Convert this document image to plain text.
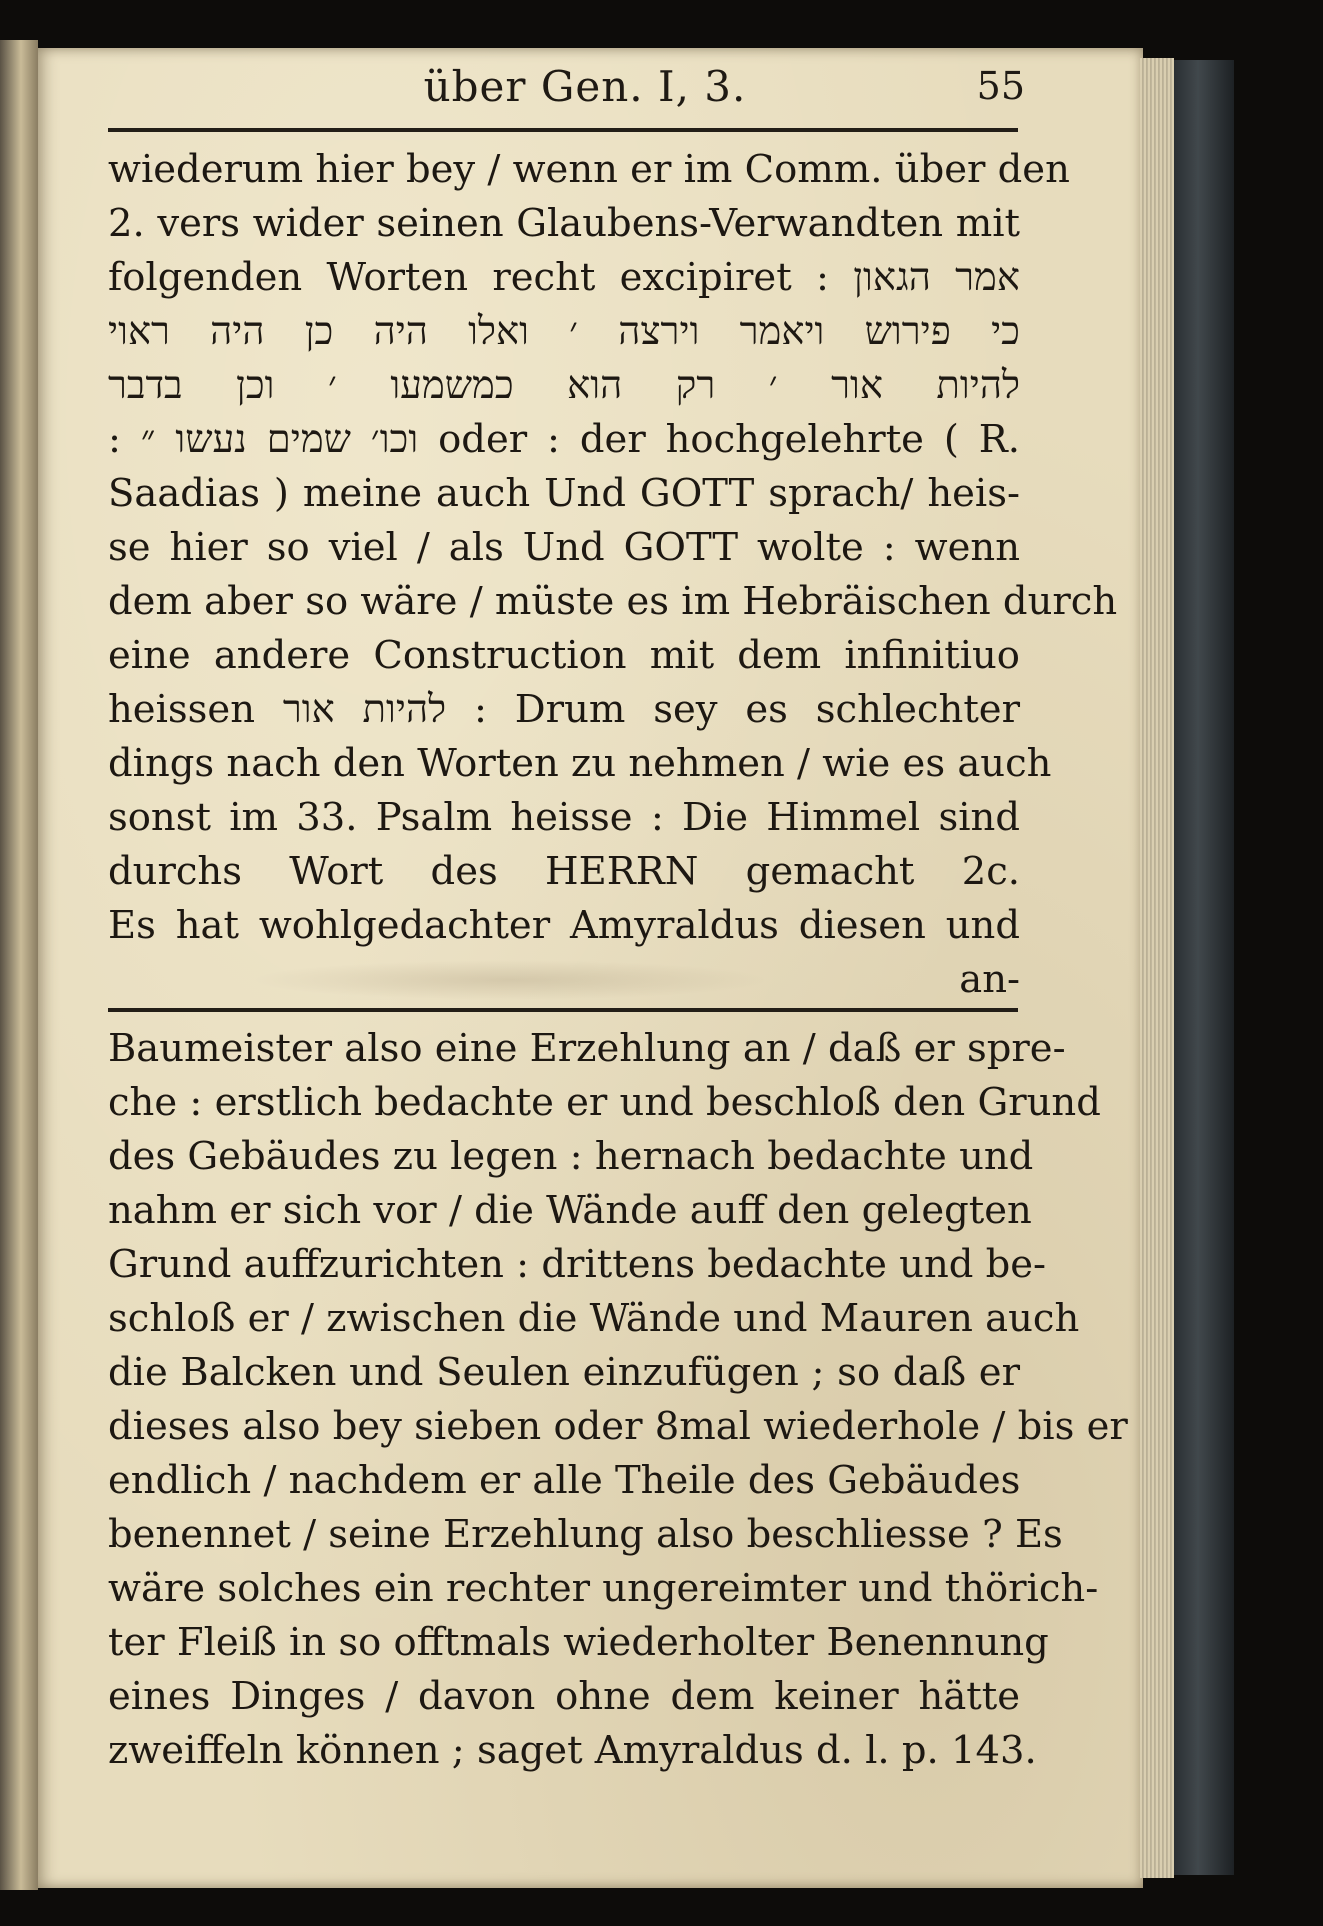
über Gen. I, 3.	55
wiederum hier bey / wenn er im Comm. über den
2. vers wider seinen Glaubens-Verwandten mit
folgenden Worten recht excipiret : אמר הגאון
כי פירוש ויאמר וירצה ׳ ואלו היה כן היה ראוי
להיות אור ׳ רק הוא כמשמעו ׳ וכן בדבר
: וכו׳ שמים נעשו ״ oder : der hochgelehrte ( R.
Saadias ) meine auch Und GOTT sprach/ heis-
se hier so viel / als Und GOTT wolte : wenn
dem aber so wäre / müste es im Hebräischen durch
eine andere Construction mit dem infinitiuo
heissen להיות אור : Drum sey es schlechter
dings nach den Worten zu nehmen / wie es auch
sonst im 33. Psalm heisse : Die Himmel sind
durchs Wort des HERRN gemacht 2c.
Es hat wohlgedachter Amyraldus diesen und
an-
Baumeister also eine Erzehlung an / daß er spre-
che : erstlich bedachte er und beschloß den Grund
des Gebäudes zu legen : hernach bedachte und
nahm er sich vor / die Wände auff den gelegten
Grund auffzurichten : drittens bedachte und be-
schloß er / zwischen die Wände und Mauren auch
die Balcken und Seulen einzufügen ; so daß er
dieses also bey sieben oder 8mal wiederhole / bis er
endlich / nachdem er alle Theile des Gebäudes
benennet / seine Erzehlung also beschliesse ? Es
wäre solches ein rechter ungereimter und thörich-
ter Fleiß in so offtmals wiederholter Benennung
eines Dinges / davon ohne dem keiner hätte
zweiffeln können ; saget Amyraldus d. l. p. 143.
